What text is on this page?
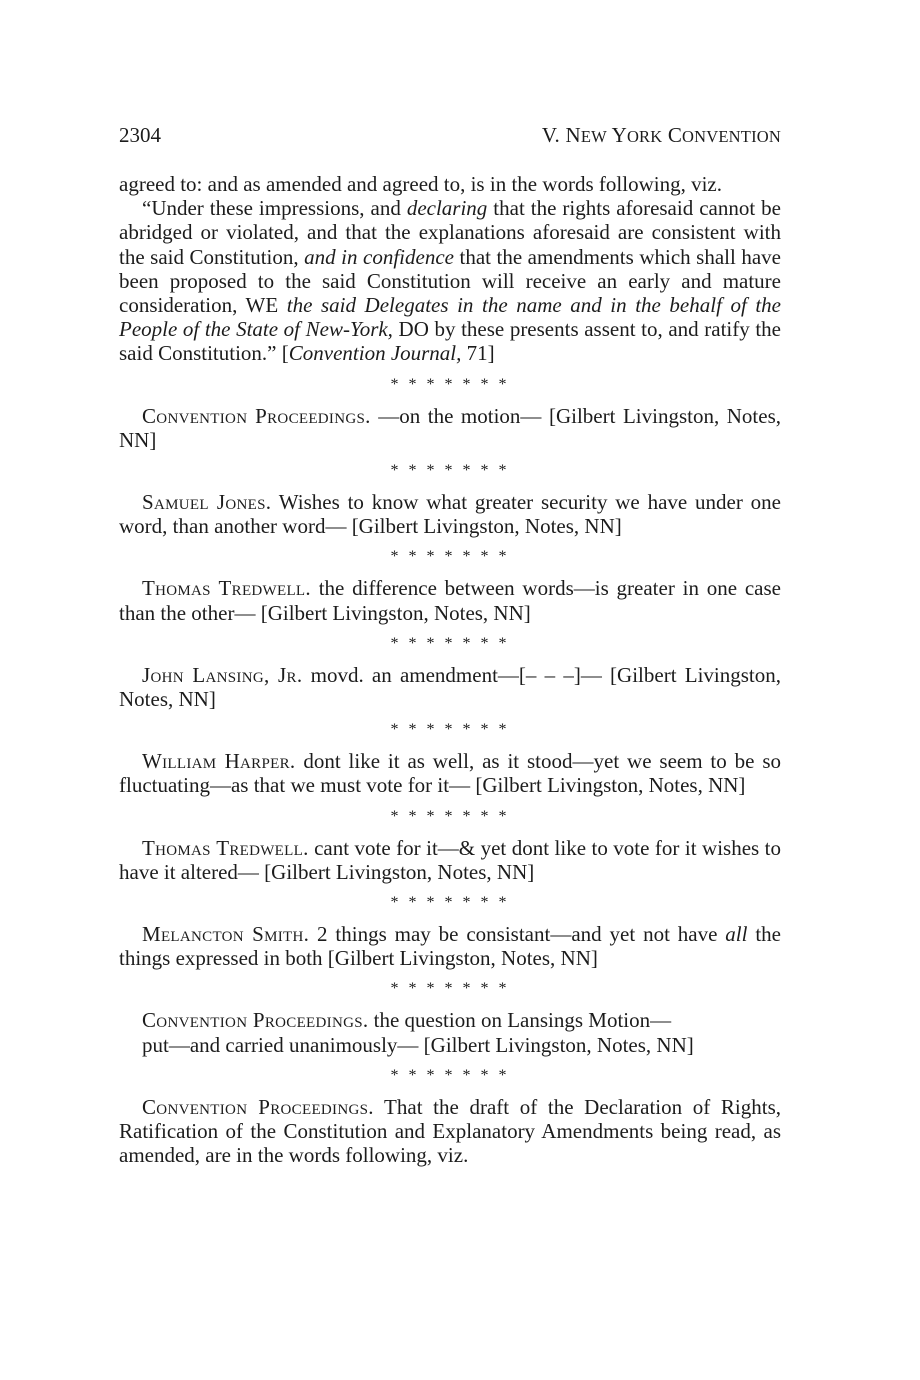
2304	V. NEW YORK CONVENTION

agreed to: and as amended and agreed to, is in the words following, viz.

“Under these impressions, and declaring that the rights aforesaid cannot be abridged or violated, and that the explanations aforesaid are consistent with the said Constitution, and in confidence that the amendments which shall have been proposed to the said Constitution will receive an early and mature consideration, WE the said Delegates in the name and in the behalf of the People of the State of New-York, DO by these presents assent to, and ratify the said Constitution.” [Convention Journal, 71]

* * * * * * *

Convention Proceedings. —on the motion— [Gilbert Livingston, Notes, NN]

* * * * * * *

Samuel Jones. Wishes to know what greater security we have under one word, than another word— [Gilbert Livingston, Notes, NN]

* * * * * * *

Thomas Tredwell. the difference between words—is greater in one case than the other— [Gilbert Livingston, Notes, NN]

* * * * * * *

John Lansing, Jr. movd. an amendment—[– – –]— [Gilbert Livingston, Notes, NN]

* * * * * * *

William Harper. dont like it as well, as it stood—yet we seem to be so fluctuating—as that we must vote for it— [Gilbert Livingston, Notes, NN]

* * * * * * *

Thomas Tredwell. cant vote for it—& yet dont like to vote for it wishes to have it altered— [Gilbert Livingston, Notes, NN]

* * * * * * *

Melancton Smith. 2 things may be consistant—and yet not have all the things expressed in both [Gilbert Livingston, Notes, NN]

* * * * * * *

Convention Proceedings. the question on Lansings Motion—
put—and carried unanimously— [Gilbert Livingston, Notes, NN]

* * * * * * *

Convention Proceedings. That the draft of the Declaration of Rights, Ratification of the Constitution and Explanatory Amendments being read, as amended, are in the words following, viz.
